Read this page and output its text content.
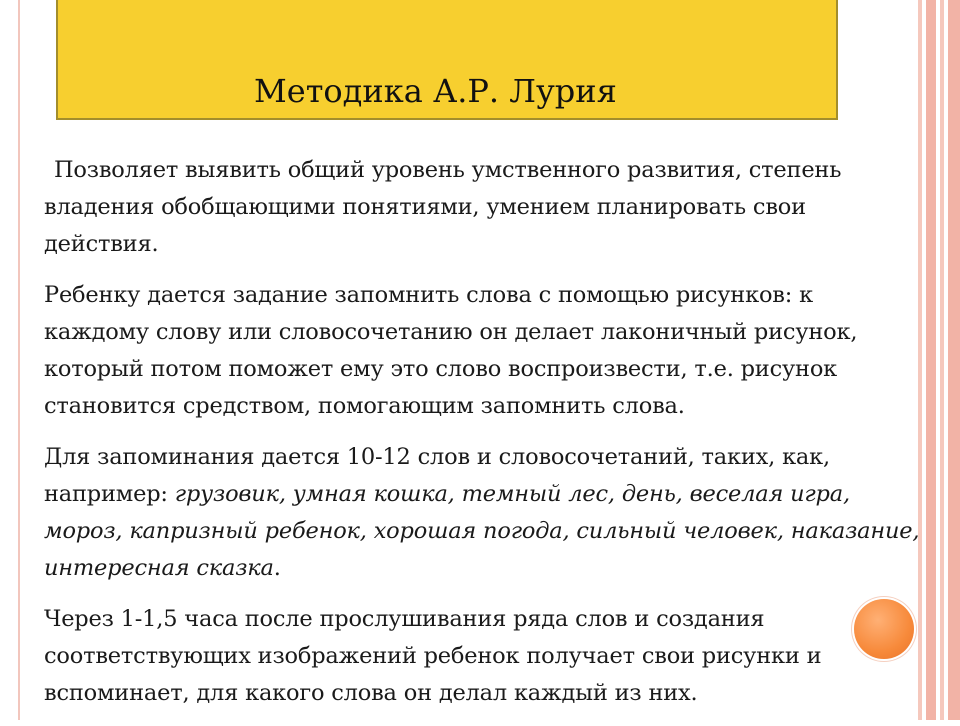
Методика А.Р. Лурия

Позволяет выявить общий уровень умственного развития, степень владения обобщающими понятиями, умением планировать свои действия.

Ребенку дается задание запомнить слова с помощью рисунков: к каждому слову или словосочетанию он делает лаконичный рисунок, который потом поможет ему это слово воспроизвести, т.е. рисунок становится средством, помогающим запомнить слова.

Для запоминания дается 10-12 слов и словосочетаний, таких, как, например: грузовик, умная кошка, темный лес, день, веселая игра, мороз, капризный ребенок, хорошая погода, сильный человек, наказание, интересная сказка.

Через 1-1,5 часа после прослушивания ряда слов и создания соответствующих изображений ребенок получает свои рисунки и вспоминает, для какого слова он делал каждый из них.
